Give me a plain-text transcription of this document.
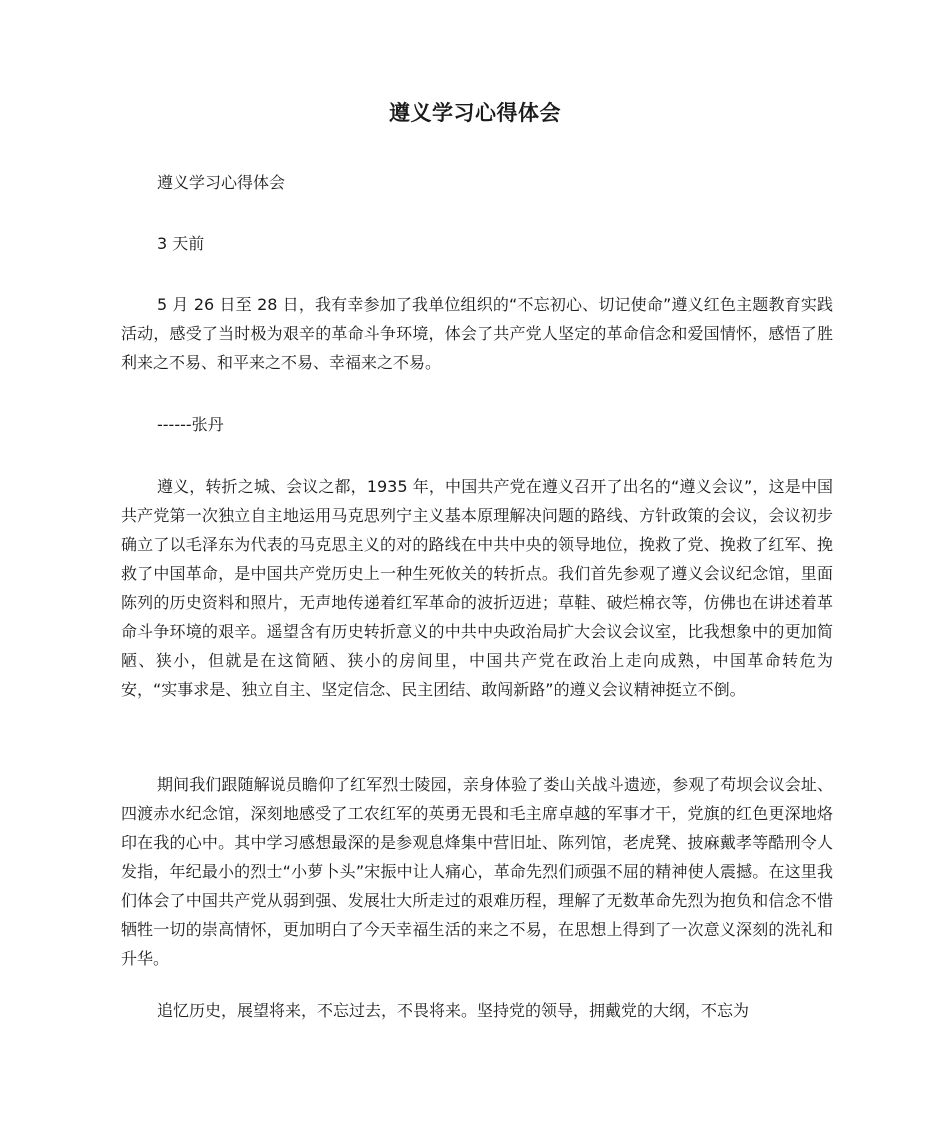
遵义学习心得体会

遵义学习心得体会

3 天前

5 月 26 日至 28 日，我有幸参加了我单位组织的“不忘初心、切记使命”遵义红色主题教育实践活动，感受了当时极为艰辛的革命斗争环境，体会了共产党人坚定的革命信念和爱国情怀，感悟了胜利来之不易、和平来之不易、幸福来之不易。

------张丹

遵义，转折之城、会议之都，1935 年，中国共产党在遵义召开了出名的“遵义会议”，这是中国共产党第一次独立自主地运用马克思列宁主义基本原理解决问题的路线、方针政策的会议，会议初步确立了以毛泽东为代表的马克思主义的对的路线在中共中央的领导地位，挽救了党、挽救了红军、挽救了中国革命，是中国共产党历史上一种生死攸关的转折点。我们首先参观了遵义会议纪念馆，里面陈列的历史资料和照片，无声地传递着红军革命的波折迈进；草鞋、破烂棉衣等，仿佛也在讲述着革命斗争环境的艰辛。遥望含有历史转折意义的中共中央政治局扩大会议会议室，比我想象中的更加简陋、狭小，但就是在这简陋、狭小的房间里，中国共产党在政治上走向成熟，中国革命转危为安，“实事求是、独立自主、坚定信念、民主团结、敢闯新路”的遵义会议精神挺立不倒。

期间我们跟随解说员瞻仰了红军烈士陵园，亲身体验了娄山关战斗遗迹，参观了苟坝会议会址、四渡赤水纪念馆，深刻地感受了工农红军的英勇无畏和毛主席卓越的军事才干，党旗的红色更深地烙印在我的心中。其中学习感想最深的是参观息烽集中营旧址、陈列馆，老虎凳、披麻戴孝等酷刑令人发指，年纪最小的烈士“小萝卜头”宋振中让人痛心，革命先烈们顽强不屈的精神使人震撼。在这里我们体会了中国共产党从弱到强、发展壮大所走过的艰难历程，理解了无数革命先烈为抱负和信念不惜牺牲一切的崇高情怀，更加明白了今天幸福生活的来之不易，在思想上得到了一次意义深刻的洗礼和升华。

追忆历史，展望将来，不忘过去，不畏将来。坚持党的领导，拥戴党的大纲，不忘为
